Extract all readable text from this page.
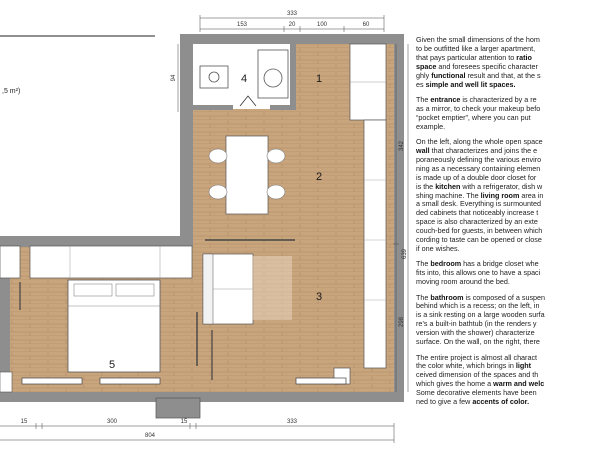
333
153	20	100	60
342
639
298
94
15	300	15	333
804
1
2
3
4
5
,5 m²)

Given the small dimensions of the hom
to be outfitted like a larger apartment,
that pays particular attention to ratio
space and foresees specific character
ghly functional result and that, at the s
es simple and well lit spaces.

The entrance is characterized by a re
as a mirror, to check your makeup befo
“pocket emptier”, where you can put
example.

On the left, along the whole open space
wall that characterizes and joins the e
poraneously defining the various enviro
ning as a necessary containing elemen
is made up of a double door closet for
is the kitchen with a refrigerator, dish w
shing machine. The living room area in
a small desk. Everything is surmounted
ded cabinets that noticeably increase t
space is also characterized by an exte
couch-bed for guests, in between which
cording to taste can be opened or close
if one wishes.

The bedroom has a bridge closet whe
fits into, this allows one to have a spaci
moving room around the bed.

The bathroom is composed of a suspen
behind which is a recess; on the left, in
is a sink resting on a large wooden surfa
re’s a built-in bathtub (in the renders y
version with the shower) characterize
surface. On the wall, on the right, there

The entire project is almost all charact
the color white, which brings in light
ceived dimension of the spaces and th
which gives the home a warm and welc
Some decorative elements have been
ned to give a few accents of color.
